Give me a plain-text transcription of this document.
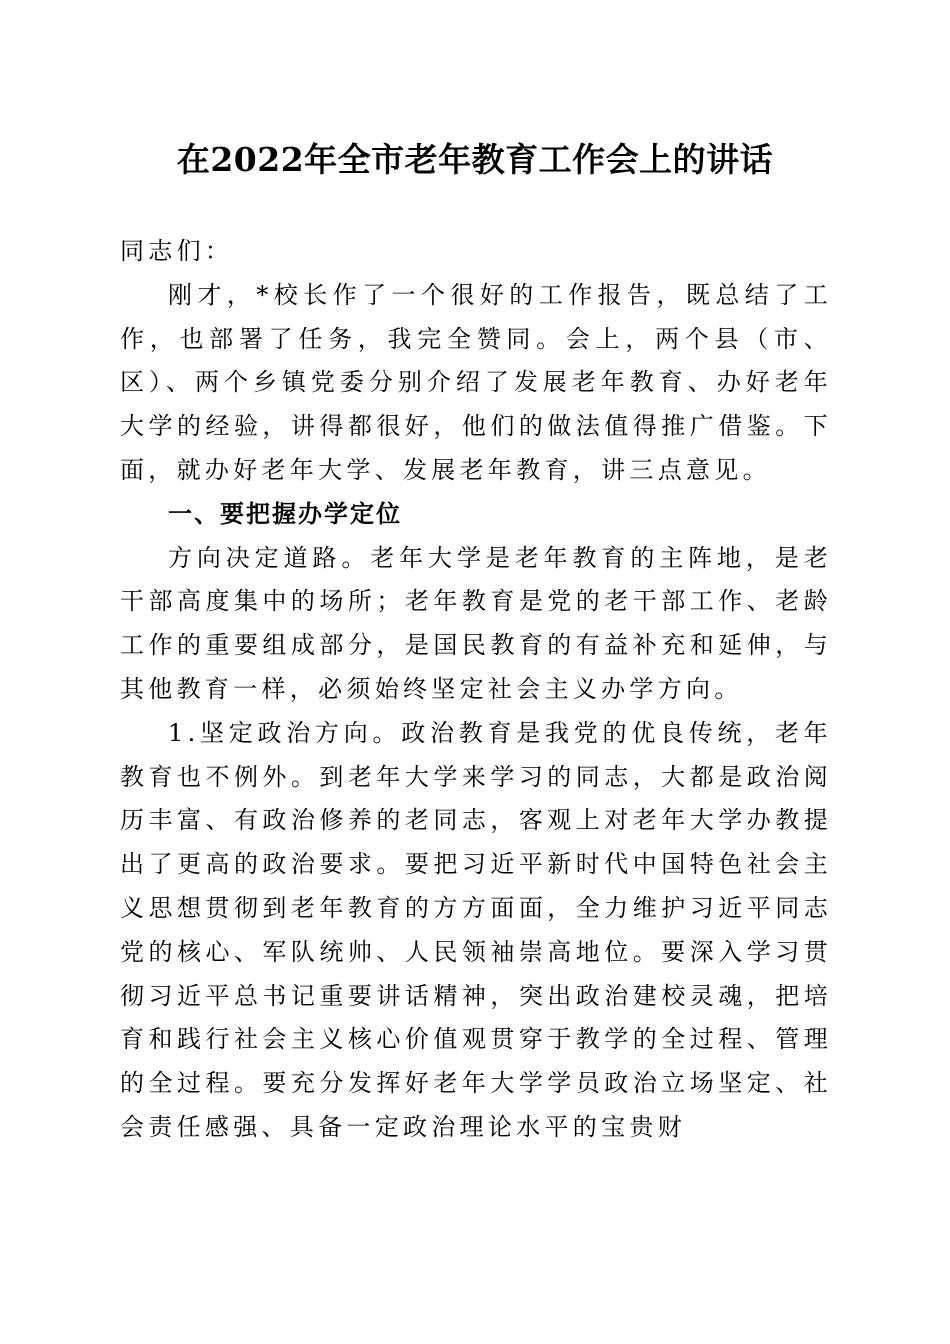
在2022年全市老年教育工作会上的讲话

同志们：

刚才，*校长作了一个很好的工作报告，既总结了工作，也部署了任务，我完全赞同。会上，两个县（市、区）、两个乡镇党委分别介绍了发展老年教育、办好老年大学的经验，讲得都很好，他们的做法值得推广借鉴。下面，就办好老年大学、发展老年教育，讲三点意见。

一、要把握办学定位

方向决定道路。老年大学是老年教育的主阵地，是老干部高度集中的场所；老年教育是党的老干部工作、老龄工作的重要组成部分，是国民教育的有益补充和延伸，与其他教育一样，必须始终坚定社会主义办学方向。

1.坚定政治方向。政治教育是我党的优良传统，老年教育也不例外。到老年大学来学习的同志，大都是政治阅历丰富、有政治修养的老同志，客观上对老年大学办教提出了更高的政治要求。要把习近平新时代中国特色社会主义思想贯彻到老年教育的方方面面，全力维护习近平同志党的核心、军队统帅、人民领袖崇高地位。要深入学习贯彻习近平总书记重要讲话精神，突出政治建校灵魂，把培育和践行社会主义核心价值观贯穿于教学的全过程、管理的全过程。要充分发挥好老年大学学员政治立场坚定、社会责任感强、具备一定政治理论水平的宝贵财
